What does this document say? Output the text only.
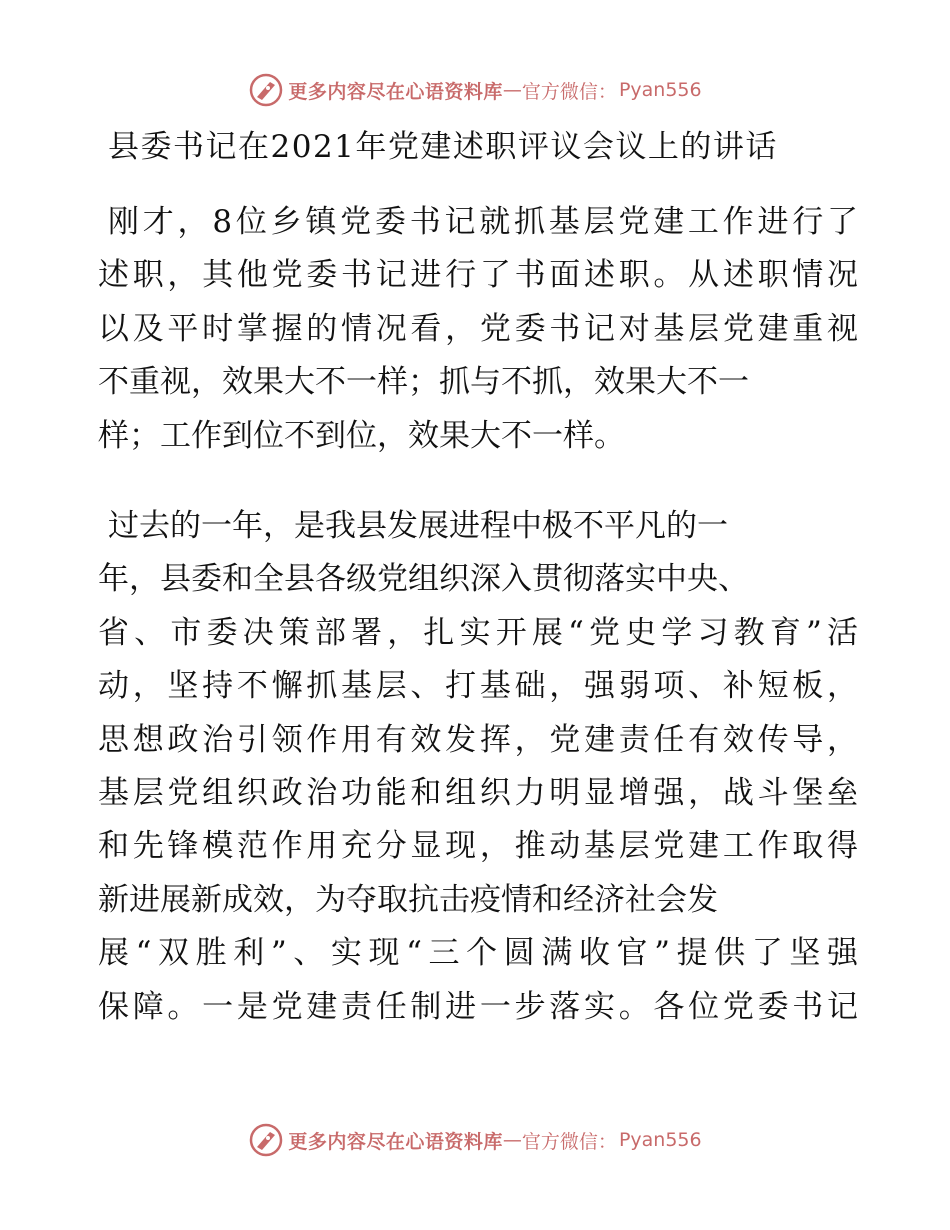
更多内容尽在心语资料库 — 官方微信： Pyan556
县委书记在2021年党建述职评议会议上的讲话
刚才，8位乡镇党委书记就抓基层党建工作进行了
述职，其他党委书记进行了书面述职。从述职情况
以及平时掌握的情况看，党委书记对基层党建重视
不重视，效果大不一样；抓与不抓，效果大不一
样；工作到位不到位，效果大不一样。
过去的一年，是我县发展进程中极不平凡的一
年，县委和全县各级党组织深入贯彻落实中央、
省、市委决策部署，扎实开展“党史学习教育”活
动，坚持不懈抓基层、打基础，强弱项、补短板，
思想政治引领作用有效发挥，党建责任有效传导，
基层党组织政治功能和组织力明显增强，战斗堡垒
和先锋模范作用充分显现，推动基层党建工作取得
新进展新成效，为夺取抗击疫情和经济社会发
展“双胜利”、实现“三个圆满收官”提供了坚强
保障。一是党建责任制进一步落实。各位党委书记
更多内容尽在心语资料库 — 官方微信： Pyan556
